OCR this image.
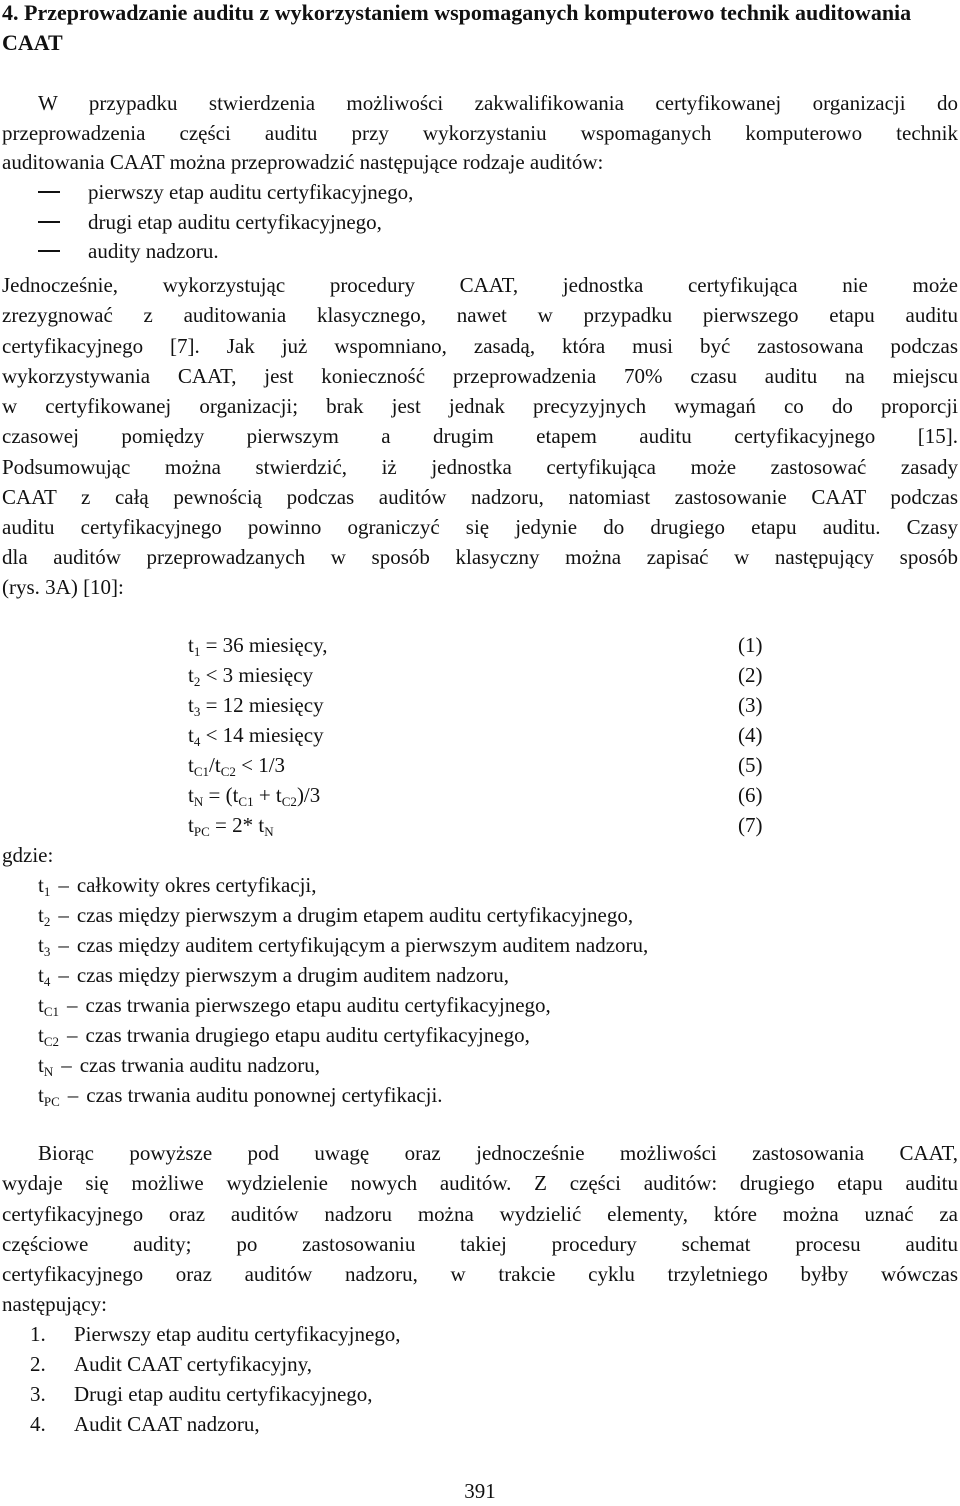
4. Przeprowadzanie auditu z wykorzystaniem wspomaganych komputerowo technik auditowania CAAT
W przypadku stwierdzenia możliwości zakwalifikowania certyfikowanej organizacji do
przeprowadzenia części auditu przy wykorzystaniu wspomaganych komputerowo technik
auditowania CAAT można przeprowadzić następujące rodzaje auditów:
pierwszy etap auditu certyfikacyjnego,
drugi etap auditu certyfikacyjnego,
audity nadzoru.
Jednocześnie, wykorzystując procedury CAAT, jednostka certyfikująca nie może
zrezygnować z auditowania klasycznego, nawet w przypadku pierwszego etapu auditu
certyfikacyjnego [7]. Jak już wspomniano, zasadą, która musi być zastosowana podczas
wykorzystywania CAAT, jest konieczność przeprowadzenia 70% czasu auditu na miejscu
w certyfikowanej organizacji; brak jest jednak precyzyjnych wymagań co do proporcji
czasowej pomiędzy pierwszym a drugim etapem auditu certyfikacyjnego [15].
Podsumowując można stwierdzić, iż jednostka certyfikująca może zastosować zasady
CAAT z całą pewnością podczas auditów nadzoru, natomiast zastosowanie CAAT podczas
auditu certyfikacyjnego powinno ograniczyć się jedynie do drugiego etapu auditu. Czasy
dla auditów przeprowadzanych w sposób klasyczny można zapisać w następujący sposób
(rys. 3A) [10]:
$t_1 = 36$ miesięcy,	(1)
$t_2 < 3$ miesięcy	(2)
$t_3 = 12$ miesięcy	(3)
$t_4 < 14$ miesięcy	(4)
$t_{C1}/t_{C2} < 1/3$	(5)
$t_N = (t_{C1} + t_{C2})/3$	(6)
$t_{PC} = 2*$ $t_N$	(7)
gdzie:
$t_1$ – całkowity okres certyfikacji,
$t_2$ – czas między pierwszym a drugim etapem auditu certyfikacyjnego,
$t_3$ – czas między auditem certyfikującym a pierwszym auditem nadzoru,
$t_4$ – czas między pierwszym a drugim auditem nadzoru,
$t_{C1}$ – czas trwania pierwszego etapu auditu certyfikacyjnego,
$t_{C2}$ – czas trwania drugiego etapu auditu certyfikacyjnego,
$t_N$ – czas trwania auditu nadzoru,
$t_{PC}$ – czas trwania auditu ponownej certyfikacji.
Biorąc powyższe pod uwagę oraz jednocześnie możliwości zastosowania CAAT,
wydaje się możliwe wydzielenie nowych auditów. Z części auditów: drugiego etapu auditu
certyfikacyjnego oraz auditów nadzoru można wydzielić elementy, które można uznać za
częściowe audity; po zastosowaniu takiej procedury schemat procesu auditu
certyfikacyjnego oraz auditów nadzoru, w trakcie cyklu trzyletniego byłby wówczas
następujący:
1. Pierwszy etap auditu certyfikacyjnego,
2. Audit CAAT certyfikacyjny,
3. Drugi etap auditu certyfikacyjnego,
4. Audit CAAT nadzoru,
391
